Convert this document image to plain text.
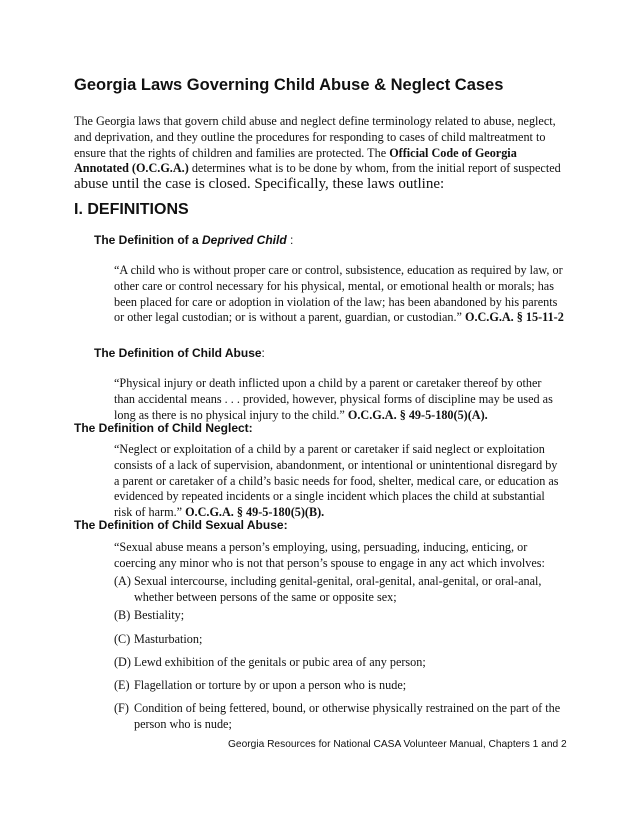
Georgia Laws Governing Child Abuse & Neglect Cases
The Georgia laws that govern child abuse and neglect define terminology related to abuse, neglect, and deprivation, and they outline the procedures for responding to cases of child maltreatment to ensure that the rights of children and families are protected. The Official Code of Georgia Annotated (O.C.G.A.) determines what is to be done by whom, from the initial report of suspected
abuse until the case is closed. Specifically, these laws outline:
I. DEFINITIONS
The Definition of a Deprived Child :
“A child who is without proper care or control, subsistence, education as required by law, or other care or control necessary for his physical, mental, or emotional health or morals; has been placed for care or adoption in violation of the law; has been abandoned by his parents or other legal custodian; or is without a parent, guardian, or custodian.” O.C.G.A. § 15-11-2
The Definition of Child Abuse:
“Physical injury or death inflicted upon a child by a parent or caretaker thereof by other than accidental means . . . provided, however, physical forms of discipline may be used as long as there is no physical injury to the child.” O.C.G.A. § 49-5-180(5)(A).
The Definition of Child Neglect:
“Neglect or exploitation of a child by a parent or caretaker if said neglect or exploitation consists of a lack of supervision, abandonment, or intentional or unintentional disregard by a parent or caretaker of a child’s basic needs for food, shelter, medical care, or education as evidenced by repeated incidents or a single incident which places the child at substantial risk of harm.” O.C.G.A. § 49-5-180(5)(B).
The Definition of Child Sexual Abuse:
“Sexual abuse means a person’s employing, using, persuading, inducing, enticing, or coercing any minor who is not that person’s spouse to engage in any act which involves:
(A) Sexual intercourse, including genital-genital, oral-genital, anal-genital, or oral-anal, whether between persons of the same or opposite sex;
(B) Bestiality;
(C) Masturbation;
(D) Lewd exhibition of the genitals or pubic area of any person;
(E) Flagellation or torture by or upon a person who is nude;
(F) Condition of being fettered, bound, or otherwise physically restrained on the part of the person who is nude;
Georgia Resources for National CASA Volunteer Manual, Chapters 1 and 2
